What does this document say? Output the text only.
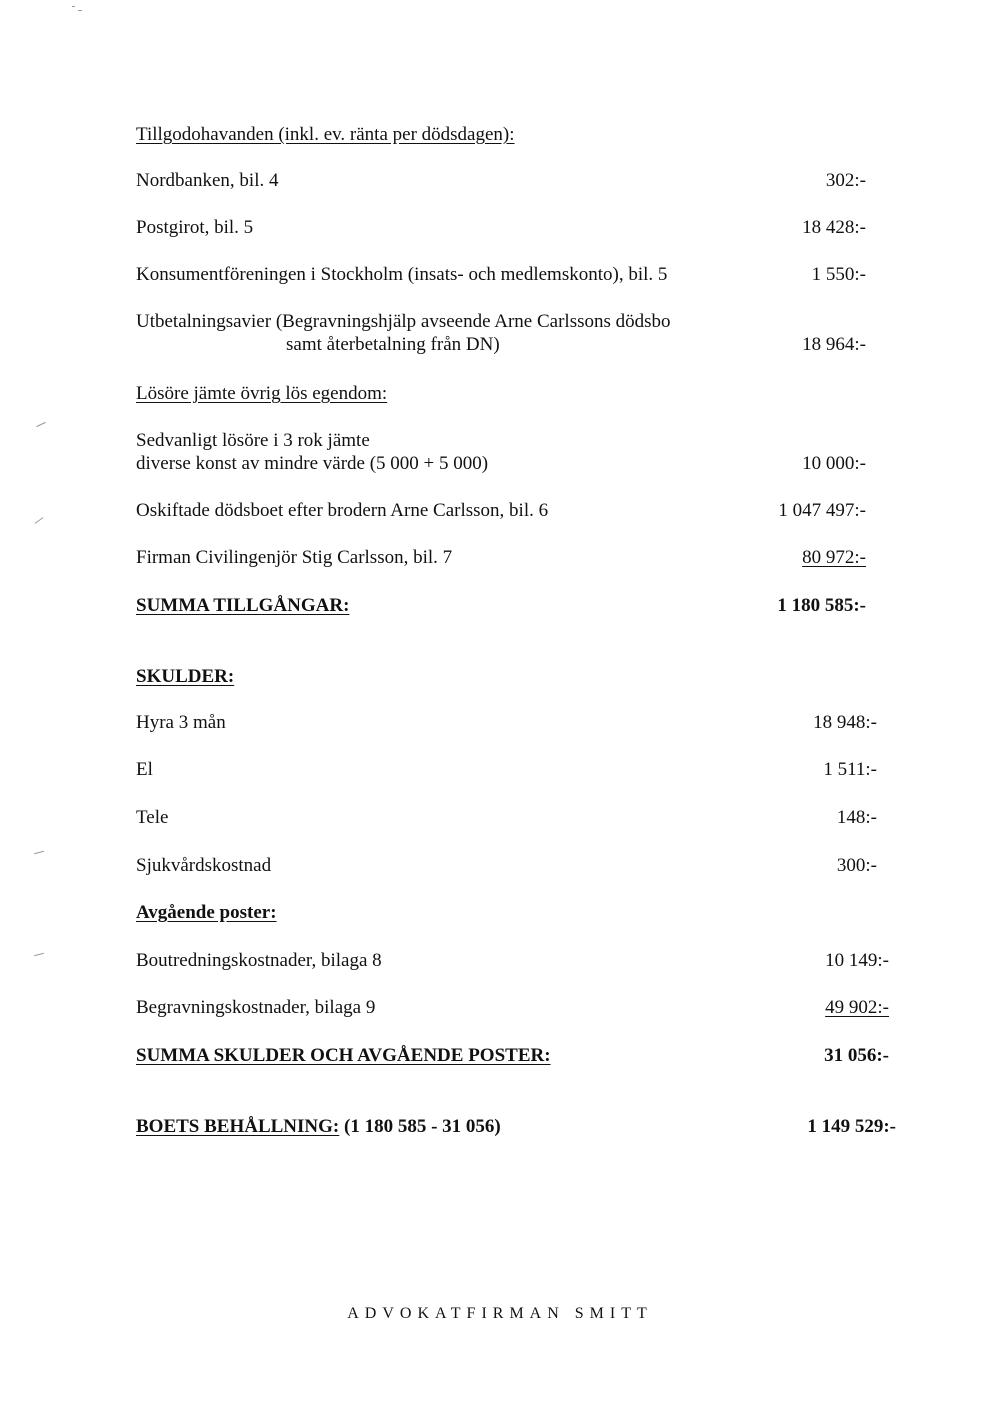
Tillgodohavanden (inkl. ev. ränta per dödsdagen):
Nordbanken, bil. 4	302:-
Postgirot, bil. 5	18 428:-
Konsumentföreningen i Stockholm (insats- och medlemskonto), bil. 5	1 550:-
Utbetalningsavier (Begravningshjälp avseende Arne Carlssons dödsbo
samt återbetalning från DN)	18 964:-
Lösöre jämte övrig lös egendom:
Sedvanligt lösöre i 3 rok jämte
diverse konst av mindre värde (5 000 + 5 000)	10 000:-
Oskiftade dödsboet efter brodern Arne Carlsson, bil. 6	1 047 497:-
Firman Civilingenjör Stig Carlsson, bil. 7	80 972:-
SUMMA TILLGÅNGAR:	1 180 585:-
SKULDER:
Hyra 3 mån	18 948:-
El	1 511:-
Tele	148:-
Sjukvårdskostnad	300:-
Avgående poster:
Boutredningskostnader, bilaga 8	10 149:-
Begravningskostnader, bilaga 9	49 902:-
SUMMA SKULDER OCH AVGÅENDE POSTER:	31 056:-
BOETS BEHÅLLNING: (1 180 585 - 31 056)	1 149 529:-
ADVOKATFIRMAN SMITT
